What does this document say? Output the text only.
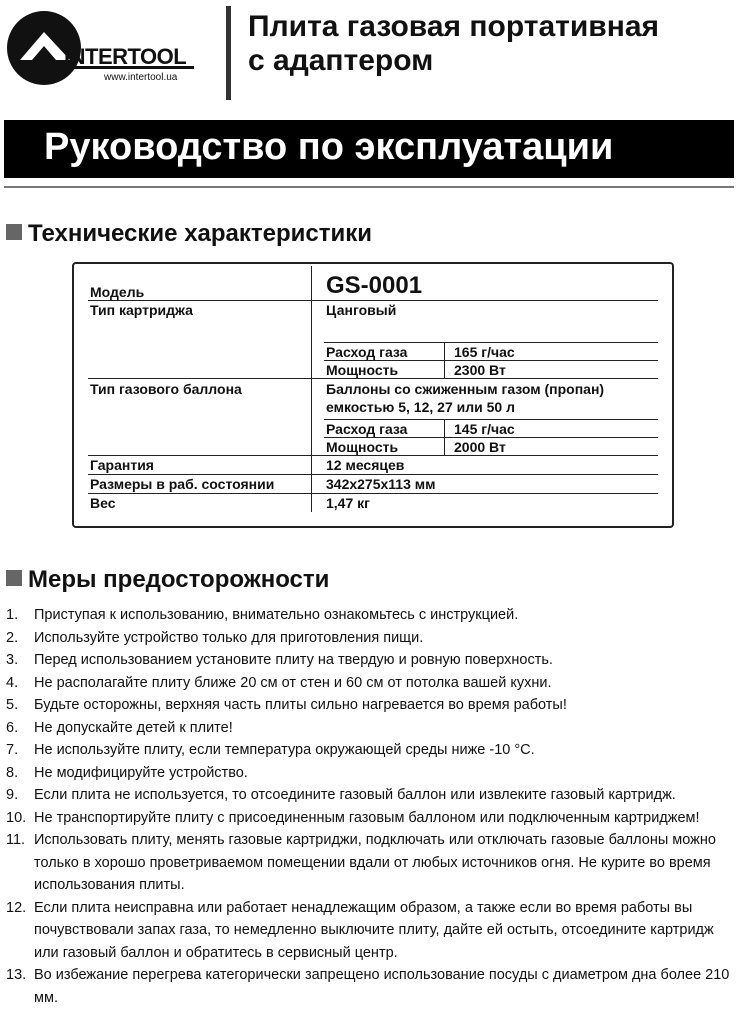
INTERTOOL
www.intertool.ua
Плита газовая портативная
с адаптером
Руководство по эксплуатации
Технические характеристики
Модель	GS-0001
Тип картриджа	Цанговый
Расход газа	165 г/час
Мощность	2300 Вт
Тип газового баллона	Баллоны со сжиженным газом (пропан)
емкостью 5, 12, 27 или 50 л
Расход газа	145 г/час
Мощность	2000 Вт
Гарантия	12 месяцев
Размеры в раб. состоянии	342x275x113 мм
Вес	1,47 кг
Меры предосторожности
1. Приступая к использованию, внимательно ознакомьтесь с инструкцией.
2. Используйте устройство только для приготовления пищи.
3. Перед использованием установите плиту на твердую и ровную поверхность.
4. Не располагайте плиту ближе 20 см от стен и 60 см от потолка вашей кухни.
5. Будьте осторожны, верхняя часть плиты сильно нагревается во время работы!
6. Не допускайте детей к плите!
7. Не используйте плиту, если температура окружающей среды ниже -10 °С.
8. Не модифицируйте устройство.
9. Если плита не используется, то отсоедините газовый баллон или извлеките газовый картридж.
10. Не транспортируйте плиту с присоединенным газовым баллоном или подключенным картриджем!
11. Использовать плиту, менять газовые картриджи, подключать или отключать газовые баллоны можно только в хорошо проветриваемом помещении вдали от любых источников огня. Не курите во время использования плиты.
12. Если плита неисправна или работает ненадлежащим образом, а также если во время работы вы почувствовали запах газа, то немедленно выключите плиту, дайте ей остыть, отсоедините картридж или газовый баллон и обратитесь в сервисный центр.
13. Во избежание перегрева категорически запрещено использование посуды с диаметром дна более 210 мм.
